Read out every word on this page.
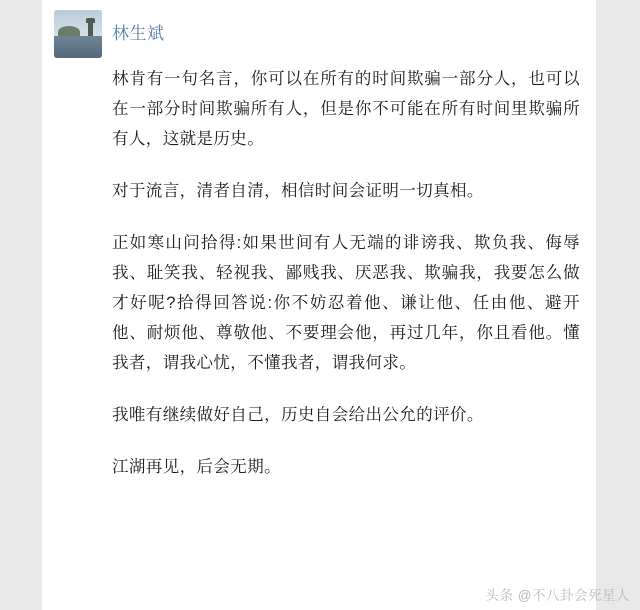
林生斌

林肯有一句名言，你可以在所有的时间欺骗一部分人，也可以在一部分时间欺骗所有人，但是你不可能在所有时间里欺骗所有人，这就是历史。

对于流言，清者自清，相信时间会证明一切真相。

正如寒山问拾得:如果世间有人无端的诽谤我、欺负我、侮辱我、耻笑我、轻视我、鄙贱我、厌恶我、欺骗我，我要怎么做才好呢?拾得回答说:你不妨忍着他、谦让他、任由他、避开他、耐烦他、尊敬他、不要理会他，再过几年，你且看他。懂我者，谓我心忧，不懂我者，谓我何求。

我唯有继续做好自己，历史自会给出公允的评价。

江湖再见，后会无期。

头条 @不八卦会死星人
